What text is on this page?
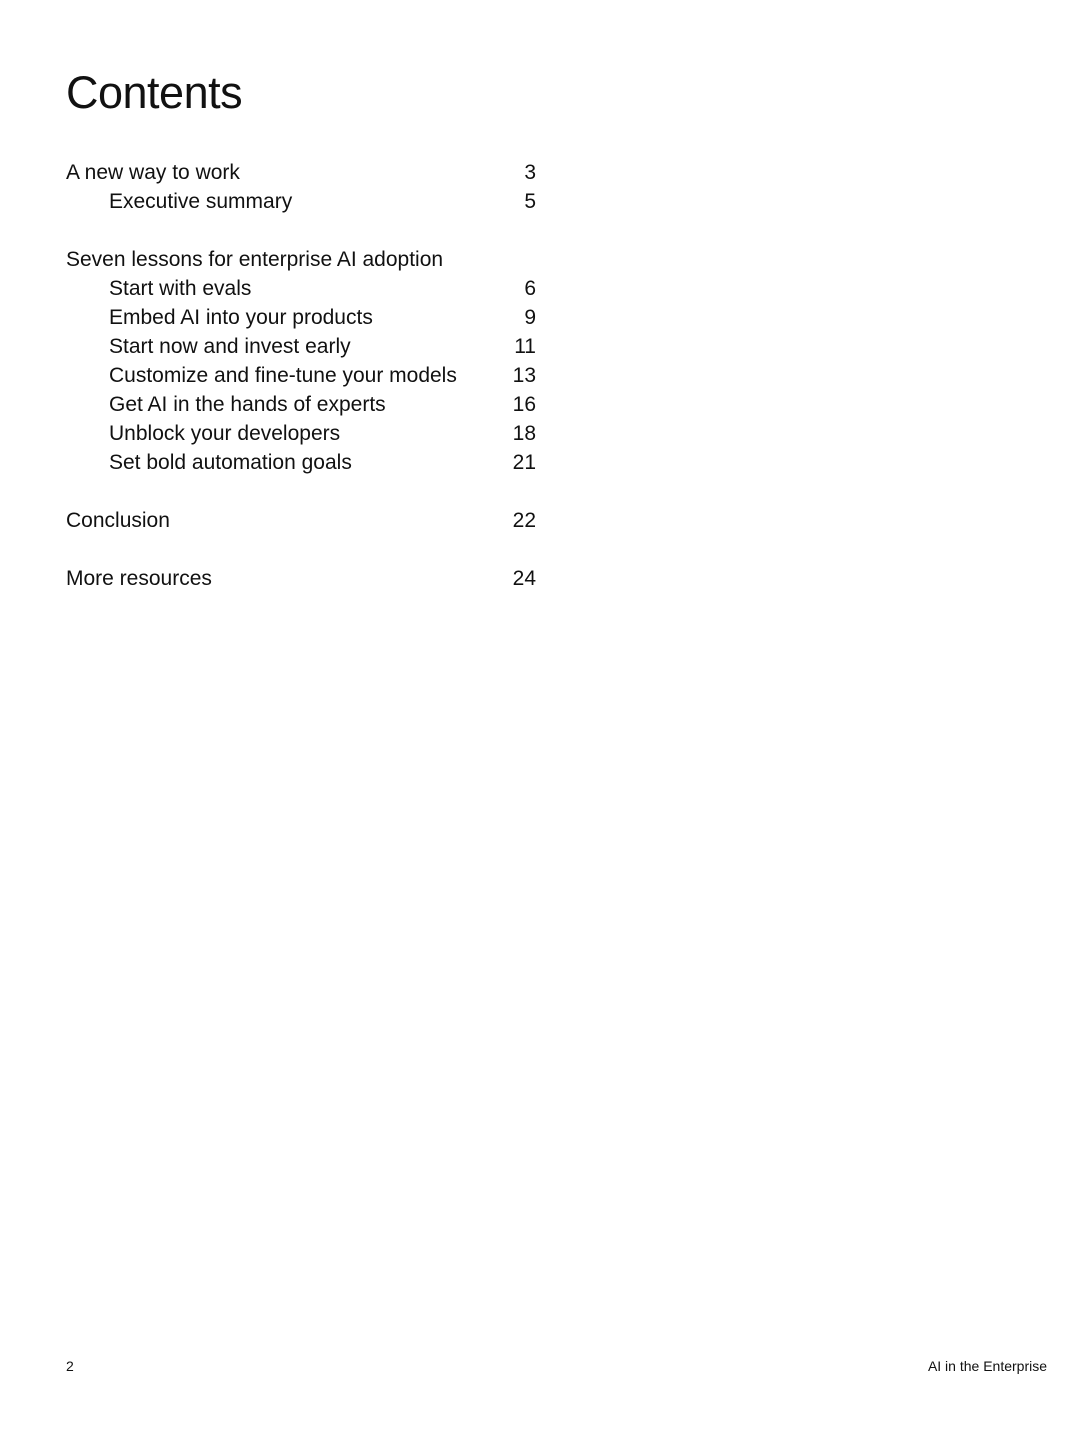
Contents
A new way to work	3
Executive summary	5
Seven lessons for enterprise AI adoption
Start with evals	6
Embed AI into your products	9
Start now and invest early	11
Customize and fine-tune your models	13
Get AI in the hands of experts	16
Unblock your developers	18
Set bold automation goals	21
Conclusion	22
More resources	24
2	AI in the Enterprise
